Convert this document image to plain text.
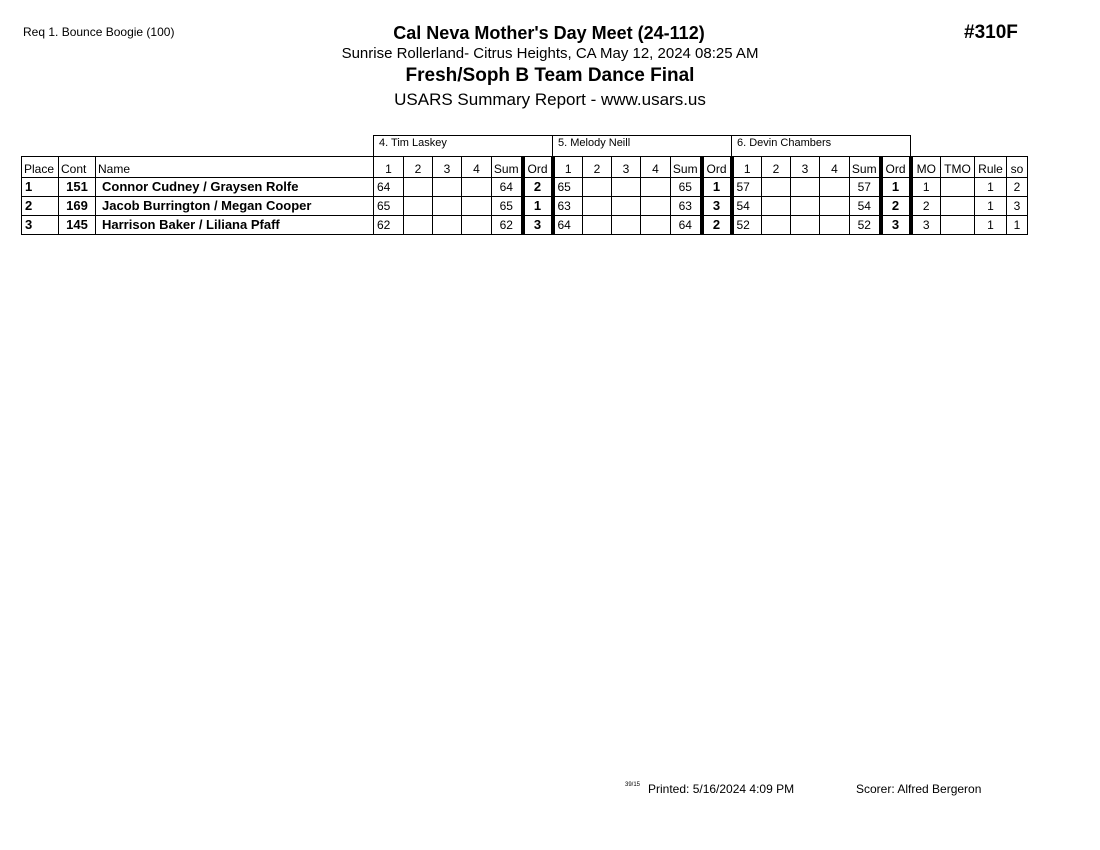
Req 1. Bounce Boogie (100)	#310F
Cal Neva Mother's Day Meet (24-112)
Sunrise Rollerland- Citrus Heights, CA May 12, 2024 08:25 AM
Fresh/Soph B Team Dance Final
USARS Summary Report - www.usars.us
			4. Tim Laskey						5. Melody Neill						6. Devin Chambers									
Place	Cont	Name	1	2	3	4	Sum	Ord	1	2	3	4	Sum	Ord	1	2	3	4	Sum	Ord	MO	TMO	Rule	so
1	151	Connor Cudney / Graysen Rolfe	64				64	2	65				65	1	57				57	1	1		1	2
2	169	Jacob Burrington / Megan Cooper	65				65	1	63				63	3	54				54	2	2		1	3
3	145	Harrison Baker / Liliana Pfaff	62				62	3	64				64	2	52				52	3	3		1	1
39/15 Printed: 5/16/2024 4:09 PM	Scorer: Alfred Bergeron
